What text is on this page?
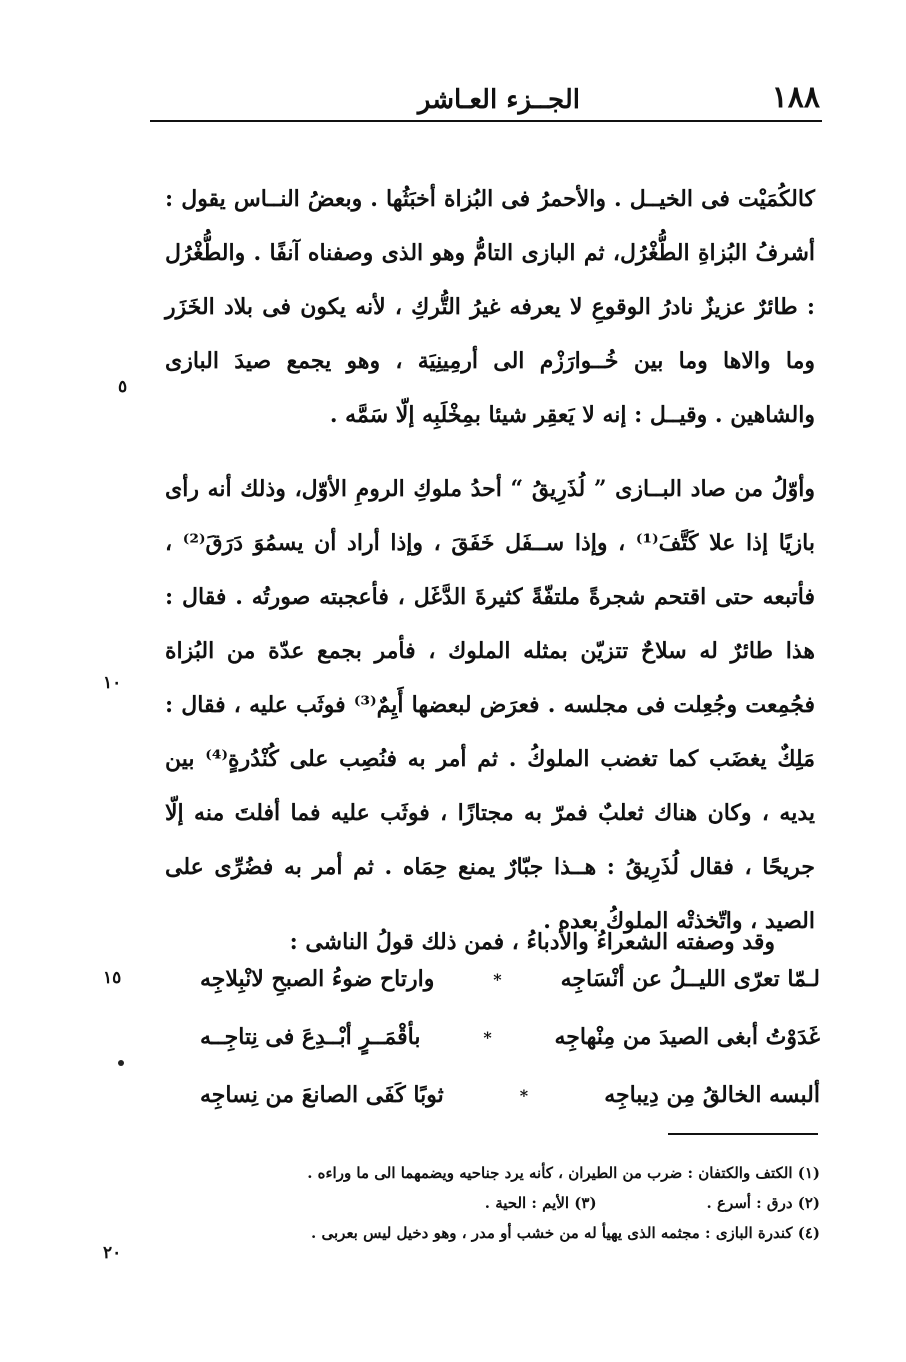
١٨٨
الجــزء العـاشر

كالكُمَيْت فى الخيــل . والأحمرُ فى البُزاة أخبَثُها . وبعضُ النــاس يقول : أشرفُ البُزاةِ الطُّغْرُل، ثم البازى التامُّ وهو الذى وصفناه آنفًا . والطُّغْرُل : طائرٌ عزيزٌ نادرُ الوقوعِ لا يعرفه غيرُ التُّركِ ، لأنه يكون فى بلاد الخَزَر وما والاها وما بين خُــوارَزْم الى أرمِينِيَة ، وهو يجمع صيدَ البازى والشاهين . وقيــل : إنه لا يَعقِر شيئا بمِخْلَبِه إلّا سَمَّه .

وأوّلُ من صاد البــازى ” لُذَرِيقُ “ أحدُ ملوكِ الرومِ الأوّل، وذلك أنه رأى بازيًا إذا علا كَتَّفَ⁽¹⁾ ، وإذا ســفَل خَفَقَ ، وإذا أراد أن يسمُوَ دَرَقَ⁽²⁾ ، فأتبعه حتى اقتحم شجرةً ملتفّةً كثيرةَ الدَّغَل ، فأعجبته صورتُه . فقال : هذا طائرٌ له سلاحٌ تتزيّن بمثله الملوك ، فأمر بجمع عدّة من البُزاة فجُمِعت وجُعِلت فى مجلسه . فعرَض لبعضها أَيِمٌ⁽³⁾ فوثَب عليه ، فقال : مَلِكٌ يغضَب كما تغضب الملوكُ . ثم أمر به فنُصِب على كُنْدُرةٍ⁽⁴⁾ بين يديه ، وكان هناك ثعلبٌ فمرّ به مجتازًا ، فوثَب عليه فما أفلتَ منه إلّا جريحًا ، فقال لُذَرِيقُ : هــذا جبّارٌ يمنع حِمَاه . ثم أمر به فضُرِّى على الصيد ، واتّخذتْه الملوكُ بعده .

وقد وصفته الشعراءُ والأدباءُ ، فمن ذلك قولُ الناشى :

لـمّا تعرّى الليــلُ عن أنْسَاجِه
*
وارتاح ضوءُ الصبحِ لانْبِلاجِه
غَدَوْتُ أبغى الصيدَ من مِنْهاجِه
*
بأقْمَــرٍ أبْــدِعَ فى نِتاجِــه
ألبسه الخالقُ مِن دِيباجِه
*
ثوبًا كَفَى الصانعَ من نِساجِه
(١) الكتف والكتفان : ضرب من الطيران ، كأنه يرد جناحيه ويضمهما الى ما وراءه .
(٢) درق : أسرع .
(٣) الأيم : الحية .
(٤) كندرة البازى : مجثمه الذى يهيأ له من خشب أو مدر ، وهو دخيل ليس بعربى .
٥
١٠
١٥
٢٠
